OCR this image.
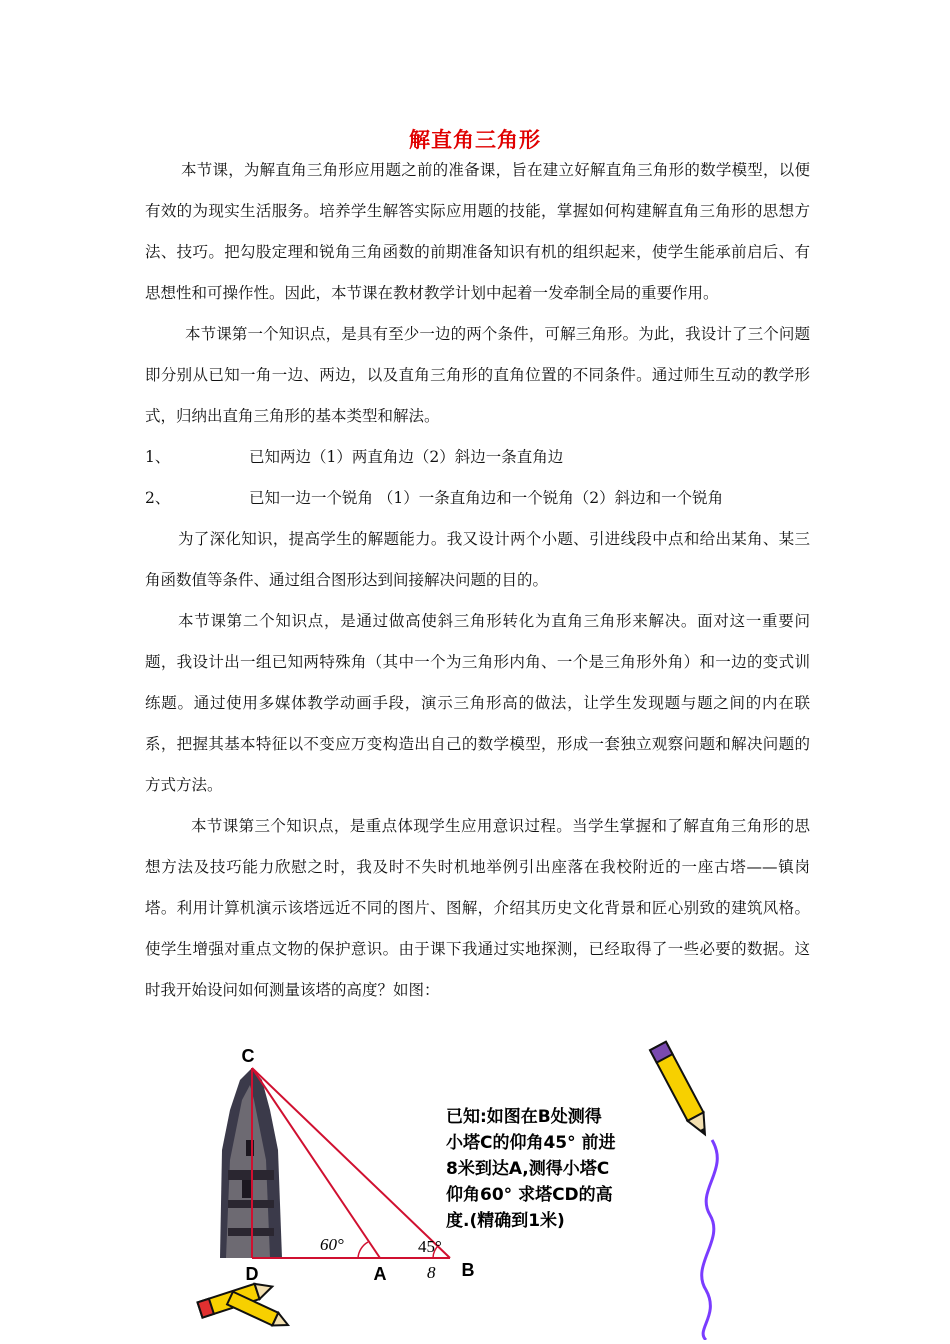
解直角三角形

本节课，为解直角三角形应用题之前的准备课，旨在建立好解直角三角形的数学模型，以便有效的为现实生活服务。培养学生解答实际应用题的技能，掌握如何构建解直角三角形的思想方法、技巧。把勾股定理和锐角三角函数的前期准备知识有机的组织起来，使学生能承前启后、有思想性和可操作性。因此，本节课在教材教学计划中起着一发牵制全局的重要作用。

本节课第一个知识点，是具有至少一边的两个条件，可解三角形。为此，我设计了三个问题即分别从已知一角一边、两边，以及直角三角形的直角位置的不同条件。通过师生互动的教学形式，归纳出直角三角形的基本类型和解法。

1、	已知两边（1）两直角边（2）斜边一条直角边
2、	已知一边一个锐角 （1）一条直角边和一个锐角（2）斜边和一个锐角

为了深化知识，提高学生的解题能力。我又设计两个小题、引进线段中点和给出某角、某三角函数值等条件、通过组合图形达到间接解决问题的目的。

本节课第二个知识点，是通过做高使斜三角形转化为直角三角形来解决。面对这一重要问题，我设计出一组已知两特殊角（其中一个为三角形内角、一个是三角形外角）和一边的变式训练题。通过使用多媒体教学动画手段，演示三角形高的做法，让学生发现题与题之间的内在联系，把握其基本特征以不变应万变构造出自己的数学模型，形成一套独立观察问题和解决问题的方式方法。

本节课第三个知识点，是重点体现学生应用意识过程。当学生掌握和了解直角三角形的思想方法及技巧能力欣慰之时，我及时不失时机地举例引出座落在我校附近的一座古塔——镇岗塔。利用计算机演示该塔远近不同的图片、图解，介绍其历史文化背景和匠心别致的建筑风格。使学生增强对重点文物的保护意识。由于课下我通过实地探测，已经取得了一些必要的数据。这时我开始设问如何测量该塔的高度？如图：

C
D	A	B
60°	45°
8
已知:如图在B处测得
小塔C的仰角45° 前进
8米到达A,测得小塔C
仰角60° 求塔CD的高
度.(精确到1米)
